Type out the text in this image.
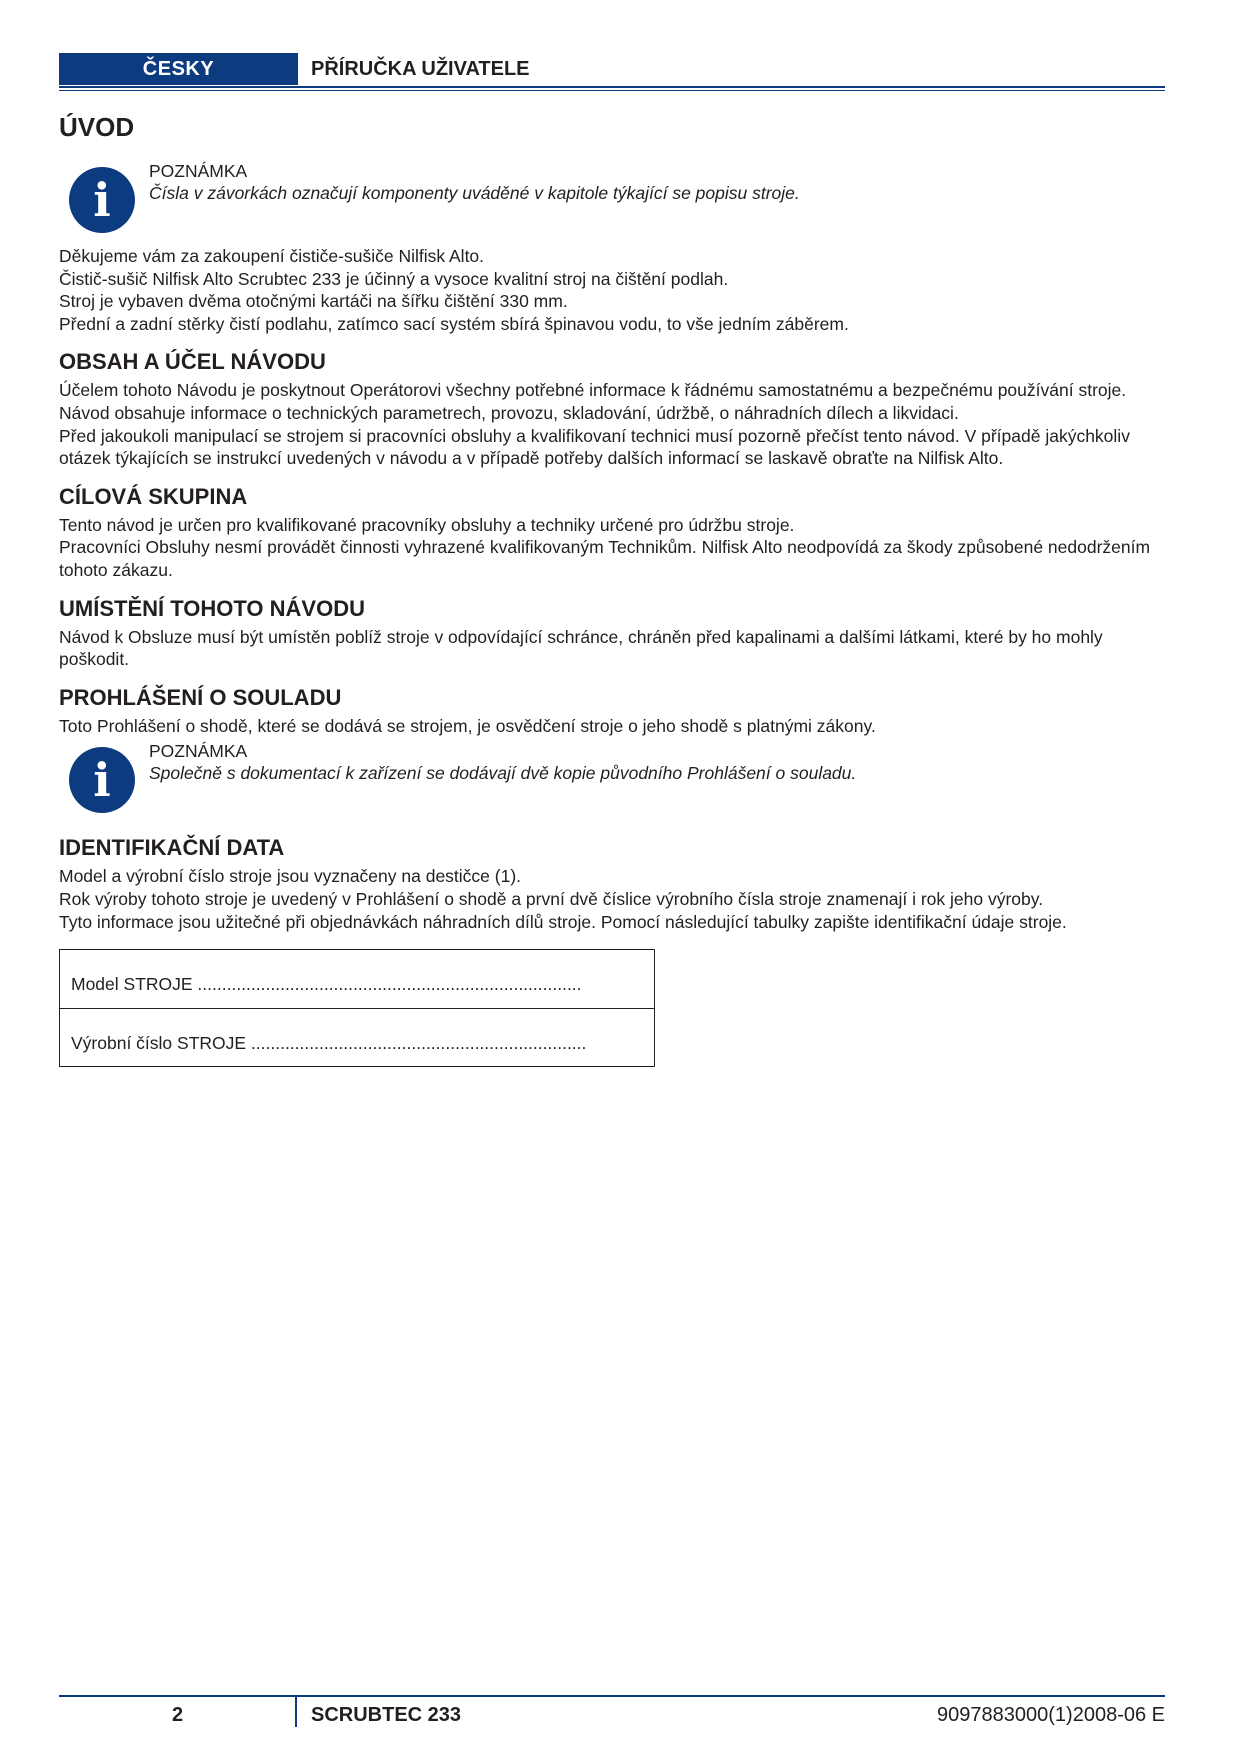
ČESKY	PŘÍRUČKA UŽIVATELE
ÚVOD
i
POZNÁMKA
Čísla v závorkách označují komponenty uváděné v kapitole týkající se popisu stroje.

Děkujeme vám za zakoupení čističe-sušiče Nilfisk Alto.

Čistič-sušič Nilfisk Alto Scrubtec 233 je účinný a vysoce kvalitní stroj na čištění podlah.

Stroj je vybaven dvěma otočnými kartáči na šířku čištění 330 mm.

Přední a zadní stěrky čistí podlahu, zatímco sací systém sbírá špinavou vodu, to vše jedním záběrem.

OBSAH A ÚČEL NÁVODU

Účelem tohoto Návodu je poskytnout Operátorovi všechny potřebné informace k řádnému samostatnému a bezpečnému používání stroje. Návod obsahuje informace o technických parametrech, provozu, skladování, údržbě, o náhradních dílech a likvidaci.

Před jakoukoli manipulací se strojem si pracovníci obsluhy a kvalifikovaní technici musí pozorně přečíst tento návod. V případě jakýchkoliv otázek týkajících se instrukcí uvedených v návodu a v případě potřeby dalších informací se laskavě obraťte na Nilfisk Alto.

CÍLOVÁ SKUPINA

Tento návod je určen pro kvalifikované pracovníky obsluhy a techniky určené pro údržbu stroje.

Pracovníci Obsluhy nesmí provádět činnosti vyhrazené kvalifikovaným Technikům. Nilfisk Alto neodpovídá za škody způsobené nedodržením tohoto zákazu.

UMÍSTĚNÍ TOHOTO NÁVODU

Návod k Obsluze musí být umístěn poblíž stroje v odpovídající schránce, chráněn před kapalinami a dalšími látkami, které by ho mohly poškodit.

PROHLÁŠENÍ O SOULADU

Toto Prohlášení o shodě, které se dodává se strojem, je osvědčení stroje o jeho shodě s platnými zákony.

i
POZNÁMKA
Společně s dokumentací k zařízení se dodávají dvě kopie původního Prohlášení o souladu.
IDENTIFIKAČNÍ DATA

Model a výrobní číslo stroje jsou vyznačeny na destičce (1).

Rok výroby tohoto stroje je uvedený v Prohlášení o shodě a první dvě číslice výrobního čísla stroje znamenají i rok jeho výroby.

Tyto informace jsou užitečné při objednávkách náhradních dílů stroje. Pomocí následující tabulky zapište identifikační údaje stroje.

Model STROJE ...............................................................................
Výrobní číslo STROJE .....................................................................
2	SCRUBTEC 233	9097883000(1)2008-06 E
